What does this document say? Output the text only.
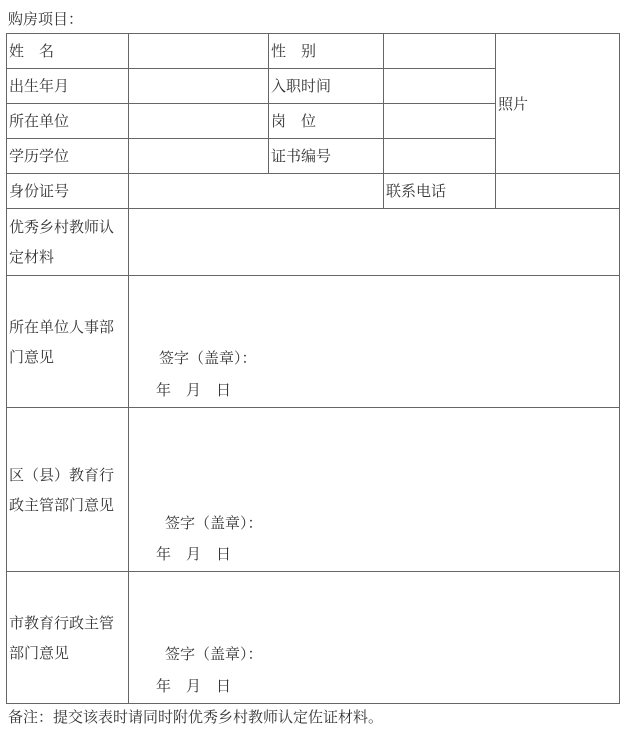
购房项目：
姓　名		性　别		照片
出生年月		入职时间		
所在单位		岗　位		
学历学位		证书编号		
身份证号			联系电话	
优秀乡村教师认定材料				
所在单位人事部门意见	签字（盖章）：
年　月　日			

区（县）教育行政主管部门意见	签字（盖章）：
年　月　日			

市教育行政主管部门意见	签字（盖章）：
年　月　日			
备注：提交该表时请同时附优秀乡村教师认定佐证材料。
